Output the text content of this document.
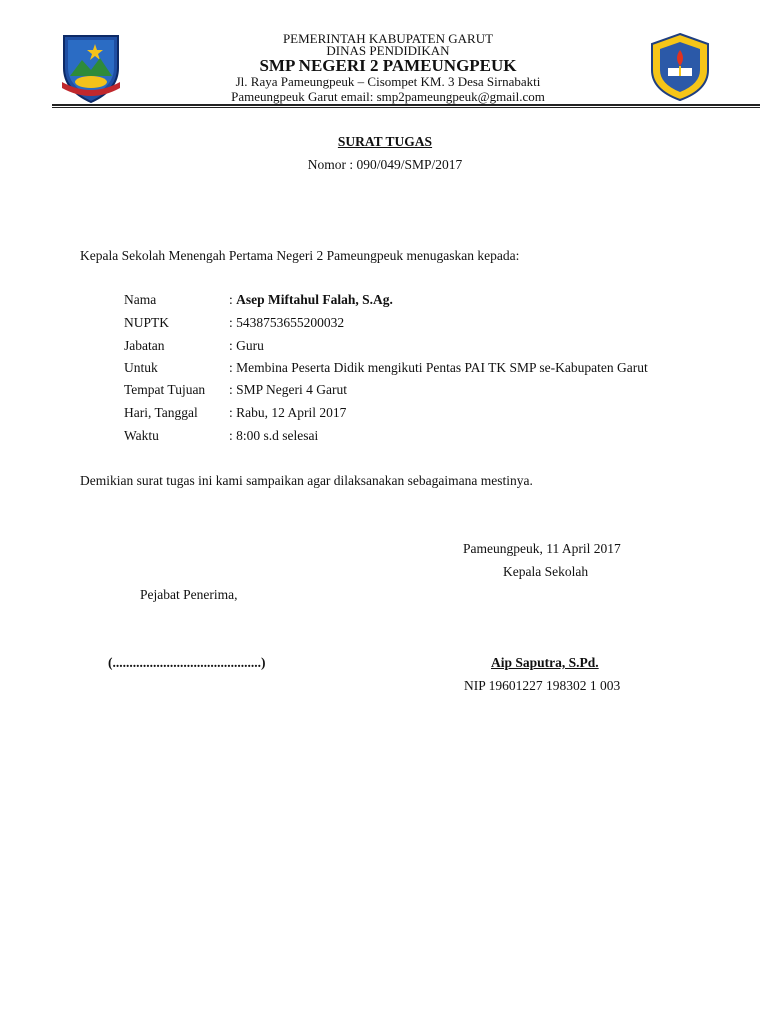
PEMERINTAH KABUPATEN GARUT
DINAS PENDIDIKAN
SMP NEGERI 2 PAMEUNGPEUK
Jl. Raya Pameungpeuk – Cisompet KM. 3 Desa Sirnabakti
Pameungpeuk Garut email: smp2pameungpeuk@gmail.com
SURAT TUGAS
Nomor : 090/049/SMP/2017
Kepala Sekolah Menengah Pertama Negeri 2 Pameungpeuk menugaskan kepada:
Nama	: Asep Miftahul Falah, S.Ag.
NUPTK	: 5438753655200032
Jabatan	: Guru
Untuk	: Membina Peserta Didik mengikuti Pentas PAI TK SMP se-Kabupaten Garut
Tempat Tujuan : SMP Negeri 4 Garut
Hari, Tanggal : Rabu, 12 April 2017
Waktu	: 8:00 s.d selesai
Demikian surat tugas ini kami sampaikan agar dilaksanakan sebagaimana mestinya.
Pameungpeuk, 11 April 2017
Kepala Sekolah
Pejabat Penerima,
(............................................)	Aip Saputra, S.Pd.
NIP 19601227 198302 1 003
